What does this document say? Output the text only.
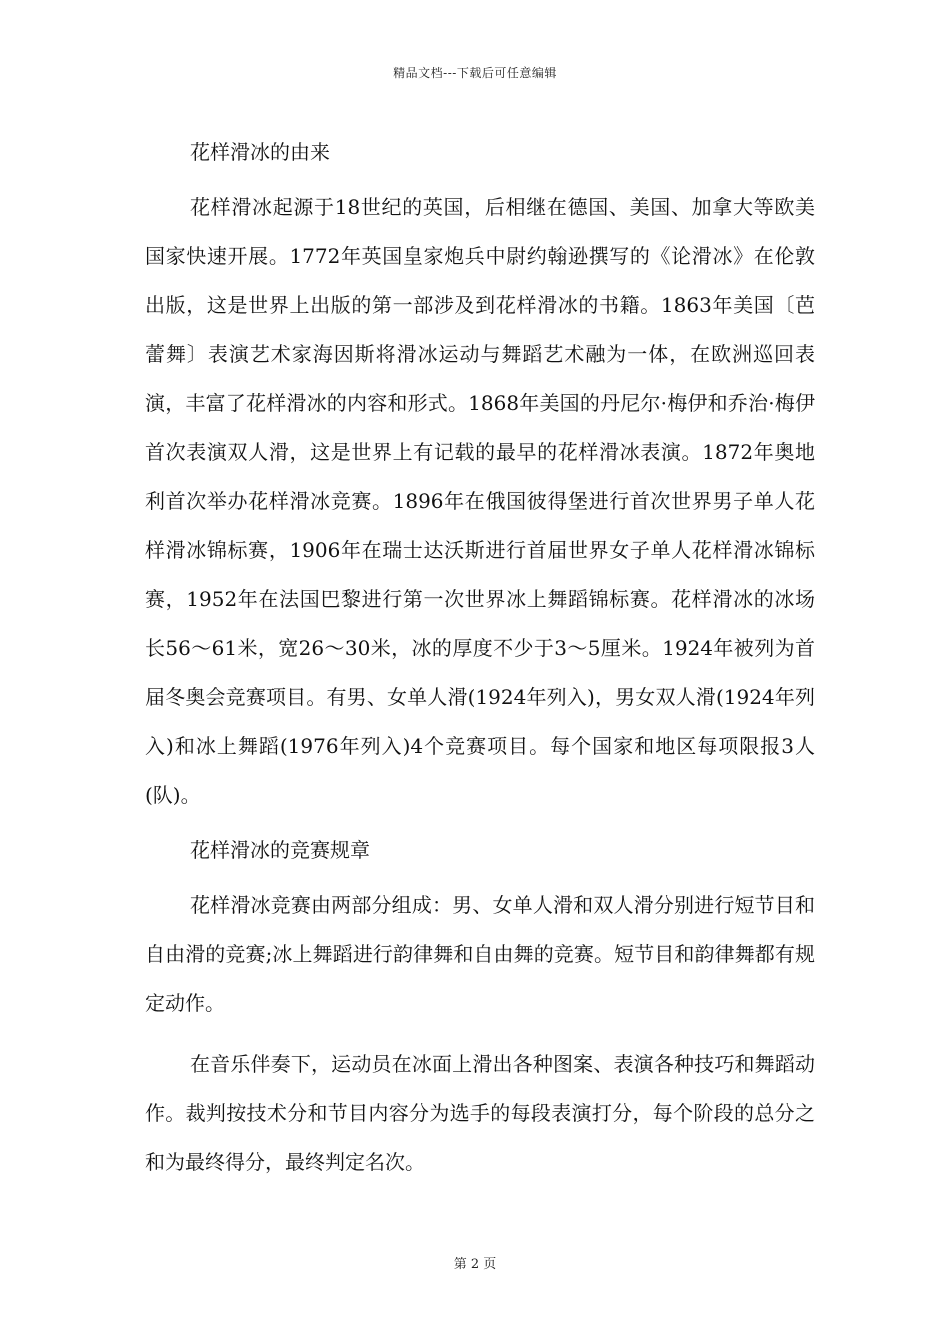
精品文档---下载后可任意编辑
花样滑冰的由来

花样滑冰起源于18世纪的英国，后相继在德国、美国、加拿大等欧美国家快速开展。1772年英国皇家炮兵中尉约翰逊撰写的《论滑冰》在伦敦出版，这是世界上出版的第一部涉及到花样滑冰的书籍。1863年美国〔芭蕾舞〕表演艺术家海因斯将滑冰运动与舞蹈艺术融为一体，在欧洲巡回表演，丰富了花样滑冰的内容和形式。1868年美国的丹尼尔·梅伊和乔治·梅伊首次表演双人滑，这是世界上有记载的最早的花样滑冰表演。1872年奥地利首次举办花样滑冰竞赛。1896年在俄国彼得堡进行首次世界男子单人花样滑冰锦标赛，1906年在瑞士达沃斯进行首届世界女子单人花样滑冰锦标赛，1952年在法国巴黎进行第一次世界冰上舞蹈锦标赛。花样滑冰的冰场长56～61米，宽26～30米，冰的厚度不少于3～5厘米。1924年被列为首届冬奥会竞赛项目。有男、女单人滑(1924年列入)，男女双人滑(1924年列入)和冰上舞蹈(1976年列入)4个竞赛项目。每个国家和地区每项限报3人(队)。

花样滑冰的竞赛规章

花样滑冰竞赛由两部分组成：男、女单人滑和双人滑分别进行短节目和自由滑的竞赛;冰上舞蹈进行韵律舞和自由舞的竞赛。短节目和韵律舞都有规定动作。

在音乐伴奏下，运动员在冰面上滑出各种图案、表演各种技巧和舞蹈动作。裁判按技术分和节目内容分为选手的每段表演打分，每个阶段的总分之和为最终得分，最终判定名次。

第 2 页
